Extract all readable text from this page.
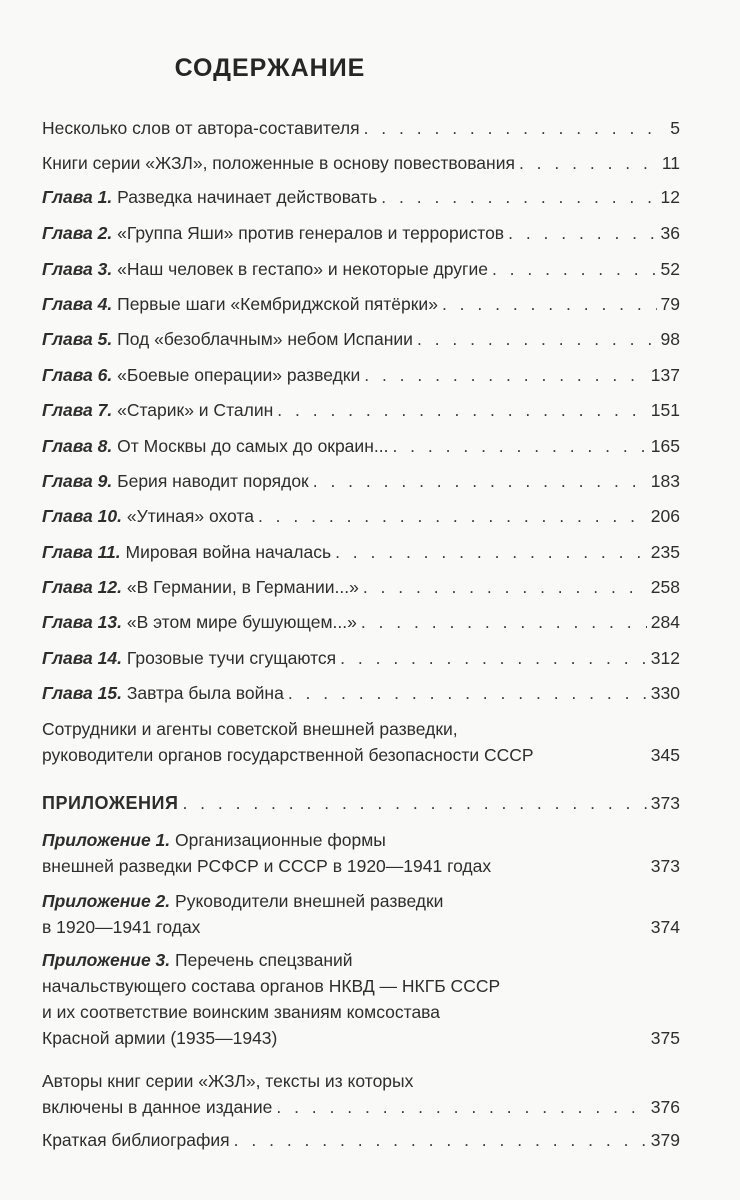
СОДЕРЖАНИЕ
Несколько слов от автора-составителя . . .	5
Книги серии «ЖЗЛ», положенные в основу повествования . . .	11
Глава 1. Разведка начинает действовать . . .	12
Глава 2. «Группа Яши» против генералов и террористов . . .	36
Глава 3. «Наш человек в гестапо» и некоторые другие . . .	52
Глава 4. Первые шаги «Кембриджской пятёрки» . . .	79
Глава 5. Под «безоблачным» небом Испании . . .	98
Глава 6. «Боевые операции» разведки . . .	137
Глава 7. «Старик» и Сталин . . .	151
Глава 8. От Москвы до самых до окраин... . . .	165
Глава 9. Берия наводит порядок . . .	183
Глава 10. «Утиная» охота . . .	206
Глава 11. Мировая война началась . . .	235
Глава 12. «В Германии, в Германии...» . . .	258
Глава 13. «В этом мире бушующем...» . . .	284
Глава 14. Грозовые тучи сгущаются . . .	312
Глава 15. Завтра была война . . .	330
Сотрудники и агенты советской внешней разведки,
руководители органов государственной безопасности СССР	345
ПРИЛОЖЕНИЯ . . .	373
Приложение 1. Организационные формы
внешней разведки РСФСР и СССР в 1920—1941 годах	373
Приложение 2. Руководители внешней разведки
в 1920—1941 годах	374
Приложение 3. Перечень спецзваний
начальствующего состава органов НКВД — НКГБ СССР
и их соответствие воинским званиям комсостава
Красной армии (1935—1943)	375
Авторы книг серии «ЖЗЛ», тексты из которых
включены в данное издание . . .	376
Краткая библиография . . .	379
